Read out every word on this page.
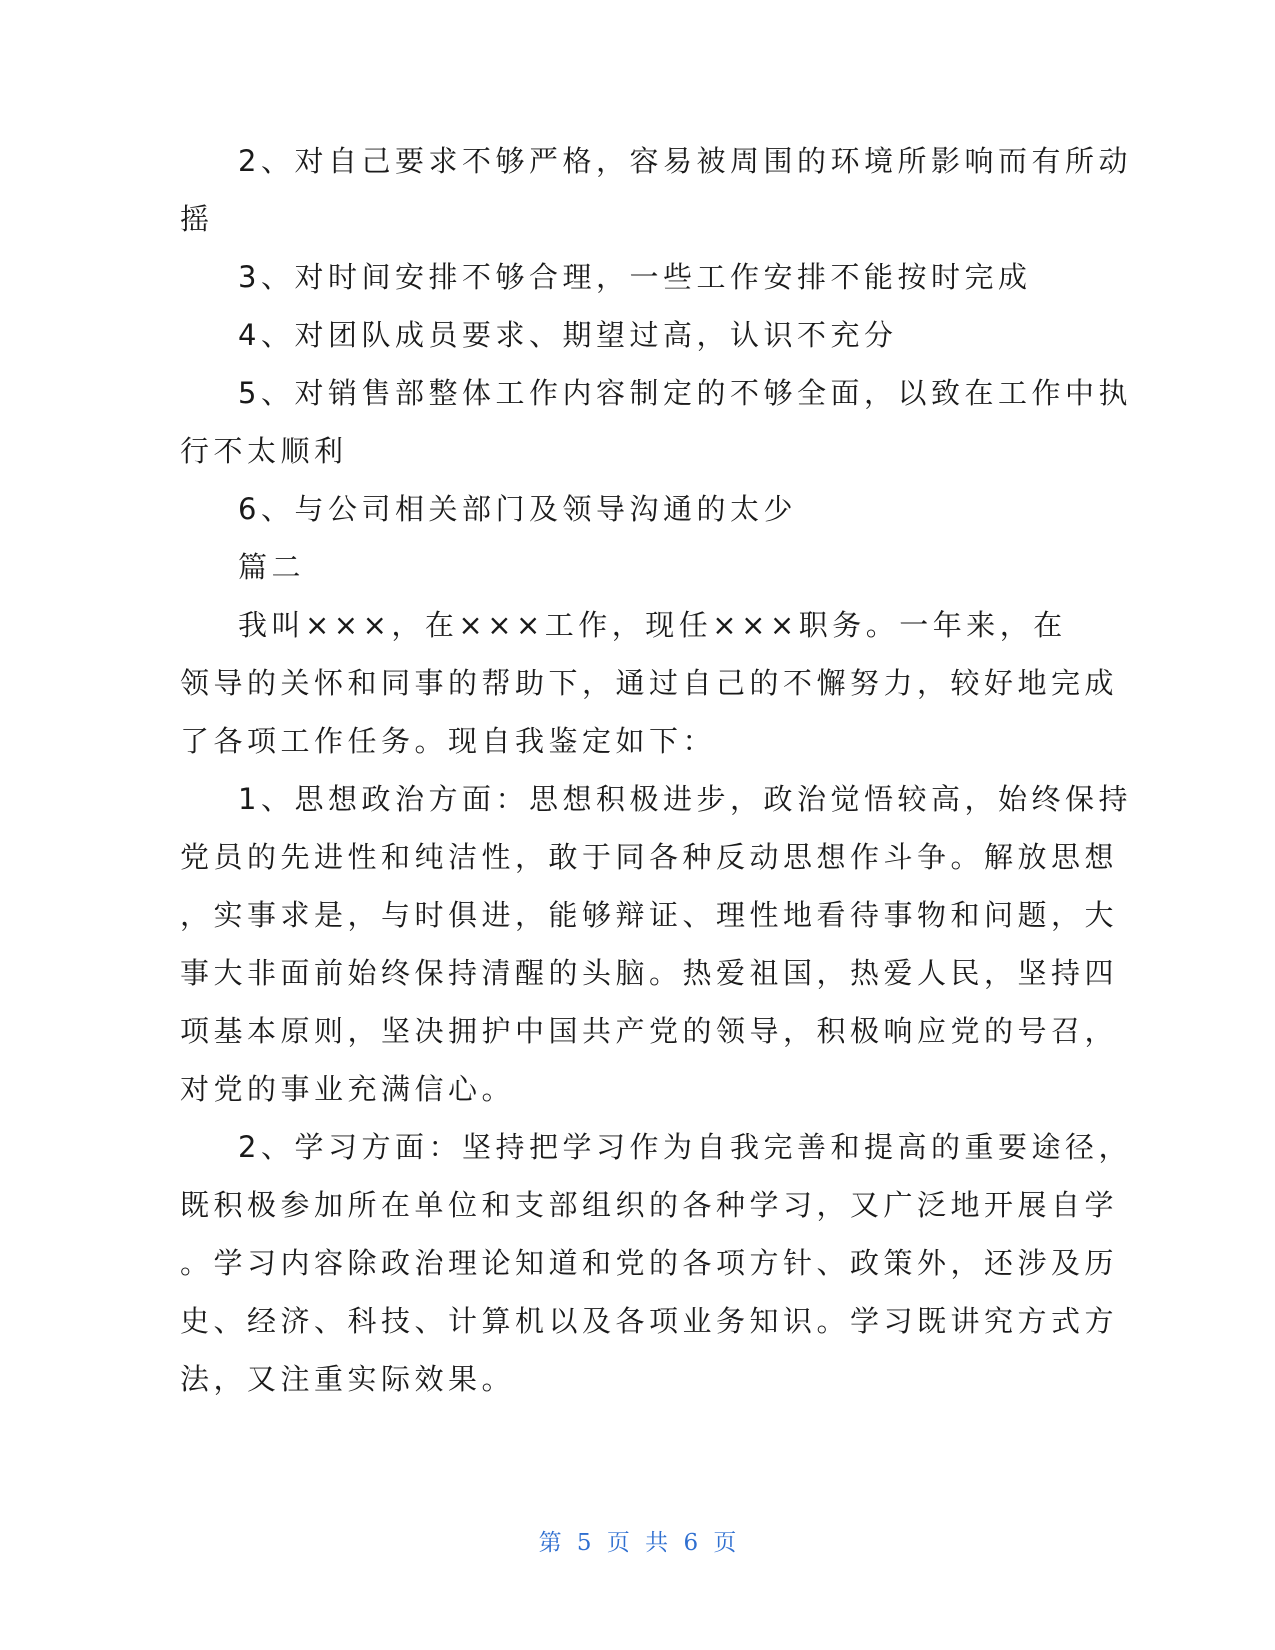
2、对自己要求不够严格，容易被周围的环境所影响而有所动
摇
3、对时间安排不够合理，一些工作安排不能按时完成
4、对团队成员要求、期望过高，认识不充分
5、对销售部整体工作内容制定的不够全面，以致在工作中执
行不太顺利
6、与公司相关部门及领导沟通的太少
篇二
我叫×××，在×××工作，现任×××职务。一年来，在
领导的关怀和同事的帮助下，通过自己的不懈努力，较好地完成
了各项工作任务。现自我鉴定如下：
1、思想政治方面：思想积极进步，政治觉悟较高，始终保持
党员的先进性和纯洁性，敢于同各种反动思想作斗争。解放思想
，实事求是，与时俱进，能够辩证、理性地看待事物和问题，大
事大非面前始终保持清醒的头脑。热爱祖国，热爱人民，坚持四
项基本原则，坚决拥护中国共产党的领导，积极响应党的号召，
对党的事业充满信心。
2、学习方面：坚持把学习作为自我完善和提高的重要途径，
既积极参加所在单位和支部组织的各种学习，又广泛地开展自学
。学习内容除政治理论知道和党的各项方针、政策外，还涉及历
史、经济、科技、计算机以及各项业务知识。学习既讲究方式方
法，又注重实际效果。
第 5 页 共 6 页
